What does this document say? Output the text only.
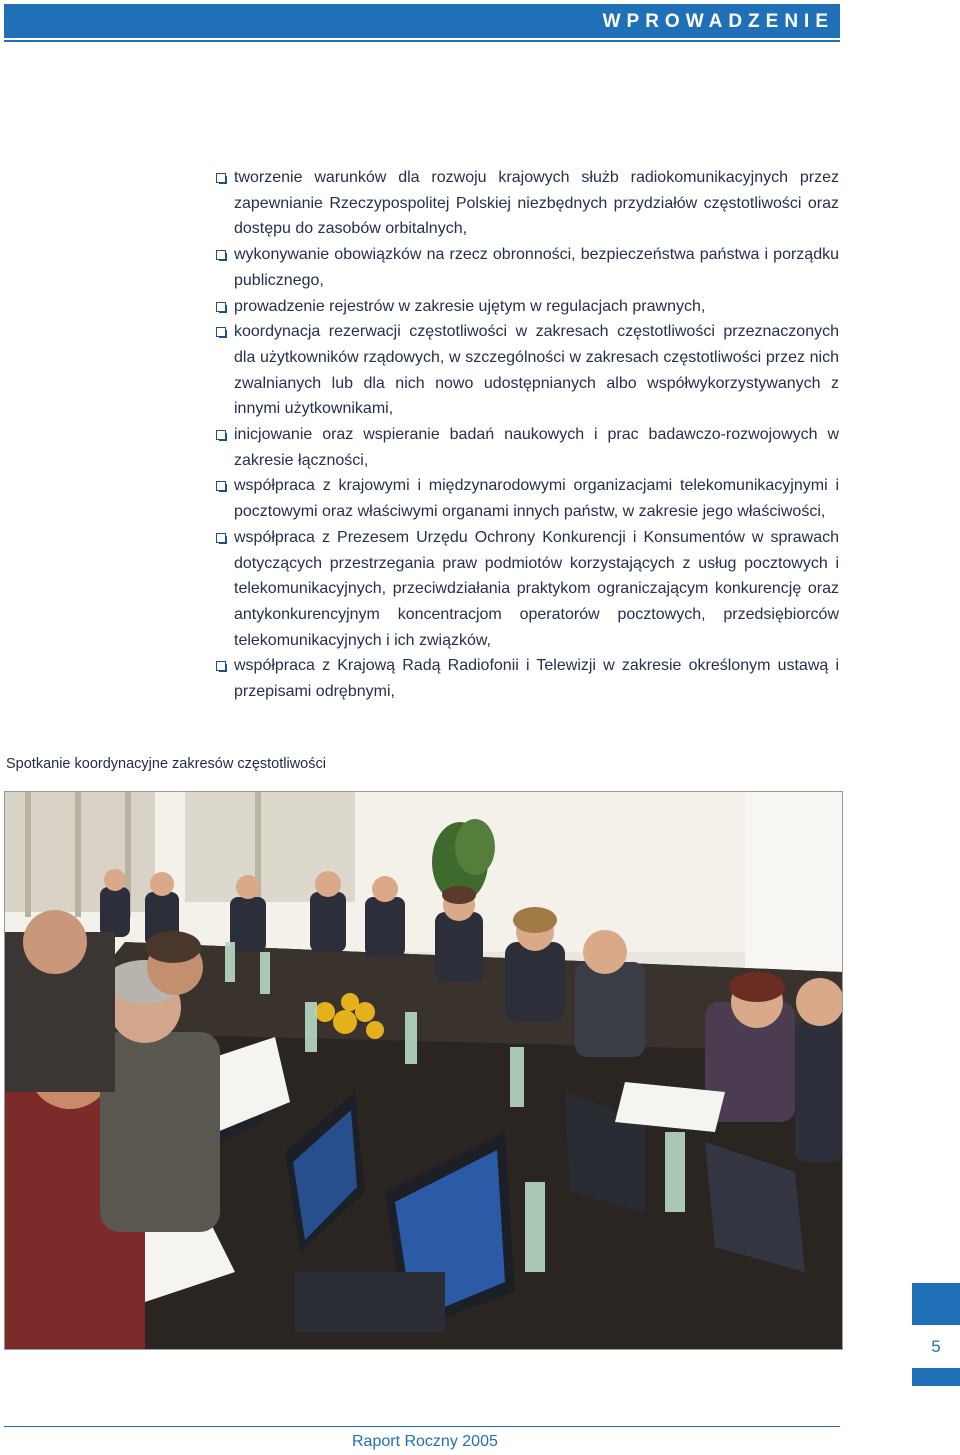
WPROWADZENIE
tworzenie warunków dla rozwoju krajowych służb radiokomunikacyjnych przez zapewnianie Rzeczypospolitej Polskiej niezbędnych przydziałów częstotliwości oraz dostępu do zasobów orbitalnych,
wykonywanie obowiązków na rzecz obronności, bezpieczeństwa państwa i porządku publicznego,
prowadzenie rejestrów w zakresie ujętym w regulacjach prawnych,
koordynacja rezerwacji częstotliwości w zakresach częstotliwości przeznaczonych dla użytkowników rządowych, w szczególności w zakresach częstotliwości przez nich zwalnianych lub dla nich nowo udostępnianych albo współwykorzystywanych z innymi użytkownikami,
inicjowanie oraz wspieranie badań naukowych i prac badawczo-rozwojowych w zakresie łączności,
współpraca z krajowymi i międzynarodowymi organizacjami telekomunikacyjnymi i pocztowymi oraz właściwymi organami innych państw, w zakresie jego właściwości,
współpraca z Prezesem Urzędu Ochrony Konkurencji i Konsumentów w sprawach dotyczących przestrzegania praw podmiotów korzystających z usług pocztowych i telekomunikacyjnych, przeciwdziałania praktykom ograniczającym konkurencję oraz antykonkurencyjnym koncentracjom operatorów pocztowych, przedsiębiorców telekomunikacyjnych i ich związków,
współpraca z Krajową Radą Radiofonii i Telewizji w zakresie określonym ustawą i przepisami odrębnymi,
Spotkanie koordynacyjne zakresów częstotliwości
5
Raport Roczny 2005
